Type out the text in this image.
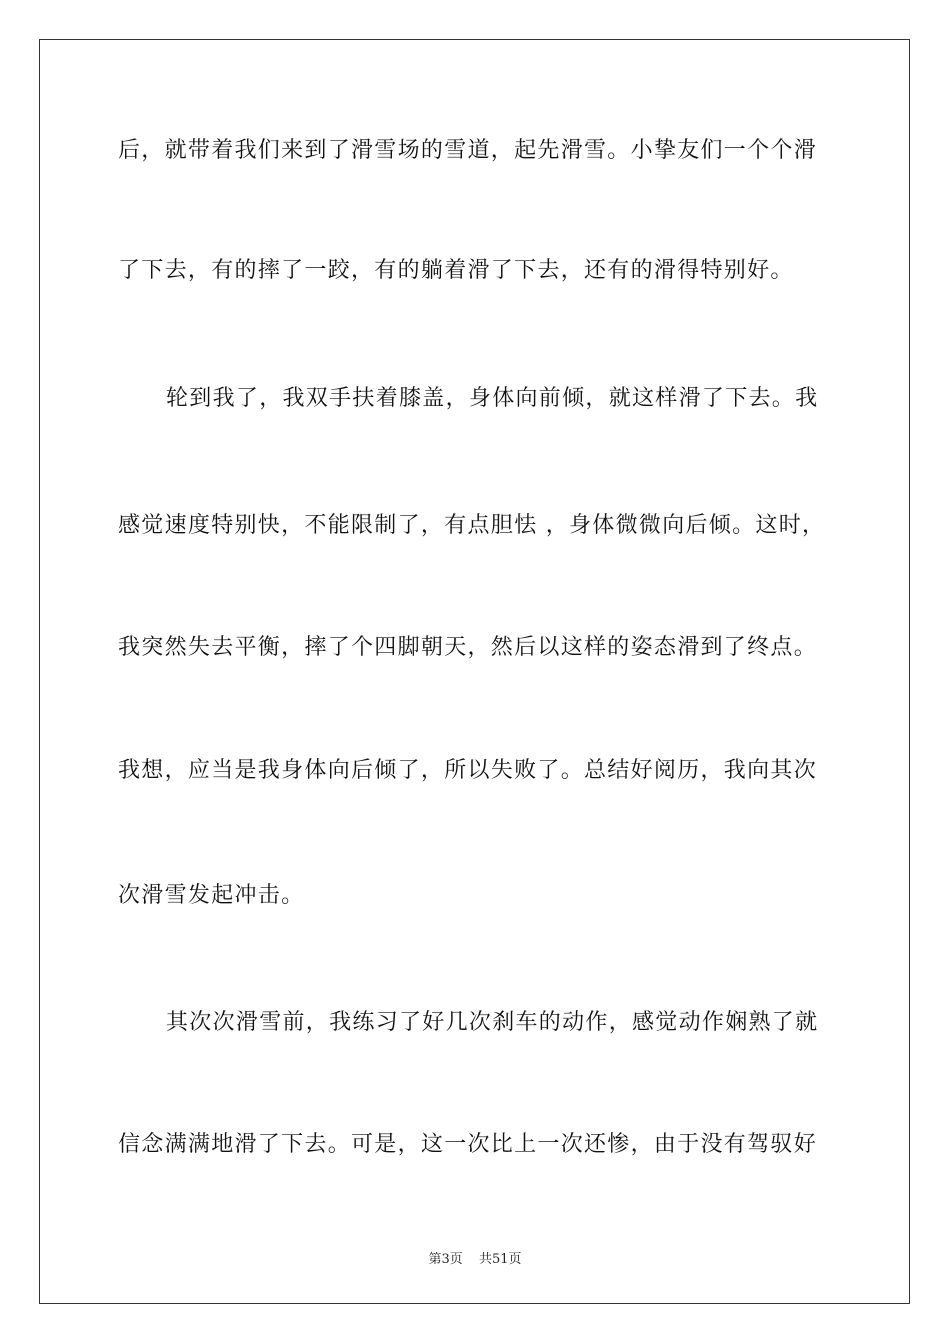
后，就带着我们来到了滑雪场的雪道，起先滑雪。小挚友们一个个滑
了下去，有的摔了一跤，有的躺着滑了下去，还有的滑得特别好。
轮到我了，我双手扶着膝盖，身体向前倾，就这样滑了下去。我
感觉速度特别快，不能限制了，有点胆怯 ，身体微微向后倾。这时，
我突然失去平衡，摔了个四脚朝天，然后以这样的姿态滑到了终点。
我想，应当是我身体向后倾了，所以失败了。总结好阅历，我向其次
次滑雪发起冲击。
其次次滑雪前，我练习了好几次刹车的动作，感觉动作娴熟了就
信念满满地滑了下去。可是，这一次比上一次还惨，由于没有驾驭好
第3页 共51页
